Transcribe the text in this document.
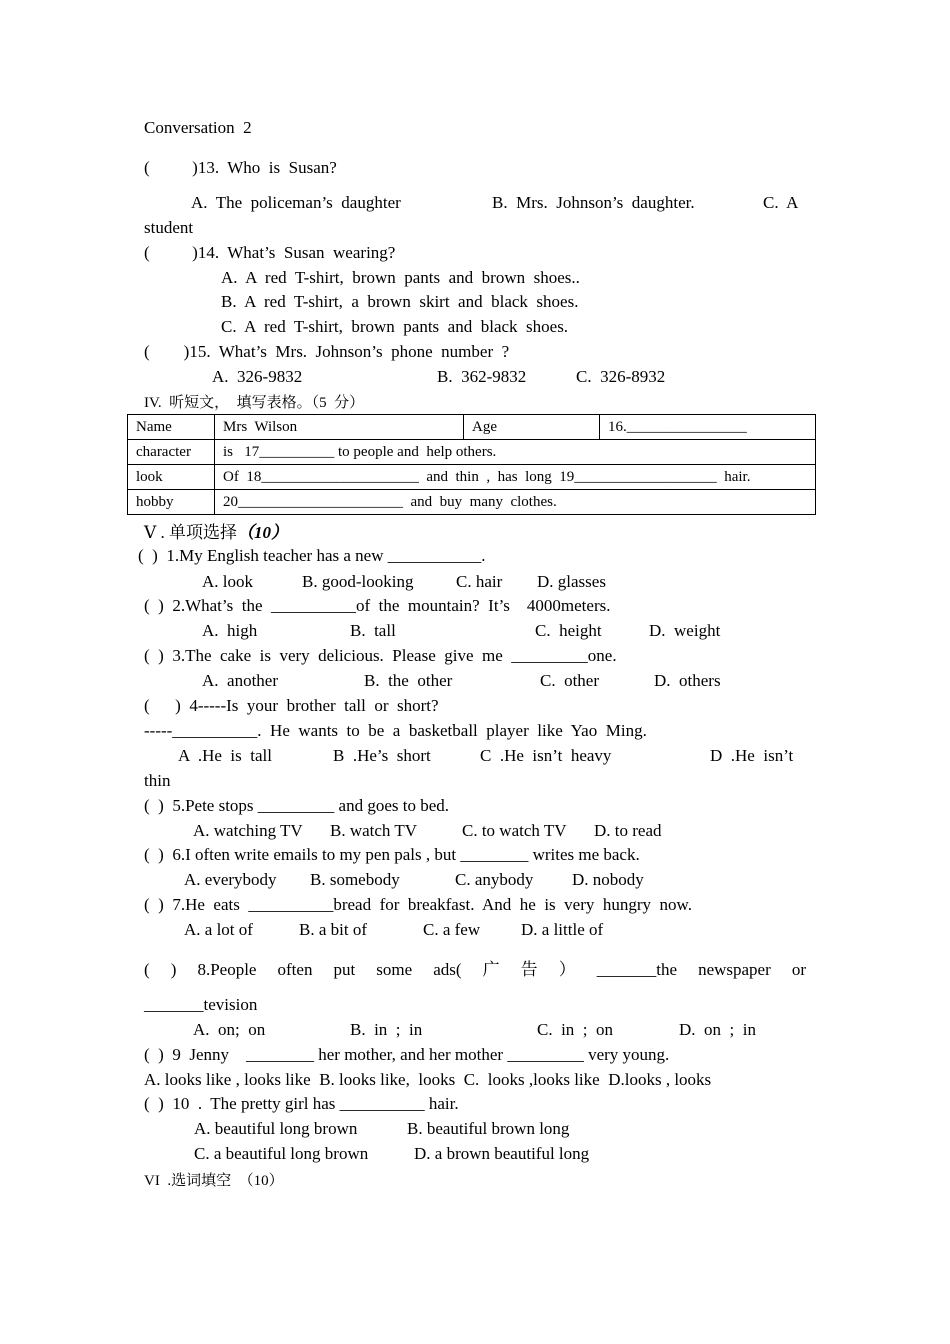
Conversation  2
(          )13.  Who  is  Susan?
A.  The  policeman’s  daughter	B.  Mrs.  Johnson’s  daughter.	C.  A
student
(          )14.  What’s  Susan  wearing?
A.  A  red  T-shirt,  brown  pants  and  brown  shoes..
B.  A  red  T-shirt,  a  brown  skirt  and  black  shoes.
C.  A  red  T-shirt,  brown  pants  and  black  shoes.
(        )15.  What’s  Mrs.  Johnson’s  phone  number  ?
A.  326-9832	B.  362-9832	C.  326-8932
IV.  听短文，  填写表格。（5  分）
Name	Mrs  Wilson	Age	16.________________
character	is   17__________ to people and  help others.		
look	Of  18_____________________  and  thin  ,  has  long  19___________________  hair.		
hobby	20______________________  and  buy  many  clothes.		
Ⅴ . 单项选择（10）
(  )  1.My English teacher has a new ___________.
A. look	B. good-looking	C. hair D. glasses
(  )  2.What’s  the  __________of  the  mountain?  It’s    4000meters.
A.  high	B.  tall	C.  height	D.  weight
(  )  3.The  cake  is  very  delicious.  Please  give  me  _________one.
A.  another	B.  the  other	C.  other	D.  others
(      )  4-----Is  your  brother  tall  or  short?
-----__________.  He  wants  to  be  a  basketball  player  like  Yao  Ming.
A  .He  is  tall	B  .He’s  short	C  .He  isn’t  heavy	D  .He  isn’t
thin
(  )  5.Pete stops _________ and goes to bed.
A. watching TV B. watch TV	C. to watch TV D. to read
(  )  6.I often write emails to my pen pals , but ________ writes me back.
A. everybody B. somebody	C. anybody D. nobody
(  )  7.He  eats  __________bread  for  breakfast.  And  he  is  very  hungry  now.
A. a lot of	B. a bit of	C. a few D. a little of
( ) 8.People often put some ads( 广 告 ） _______the newspaper or
_______tevision
A.  on;  on	B.  in  ;  in	C.  in  ;  on	D.  on  ;  in
(  )  9  Jenny    ________ her mother, and her mother _________ very young.
A. looks like , looks like  B. looks like,  looks  C.  looks ,looks like  D.looks , looks
(  )  10  .  The pretty girl has __________ hair.
A. beautiful long brown	B. beautiful brown long
C. a beautiful long brown	D. a brown beautiful long
VI  .选词填空  （10）
